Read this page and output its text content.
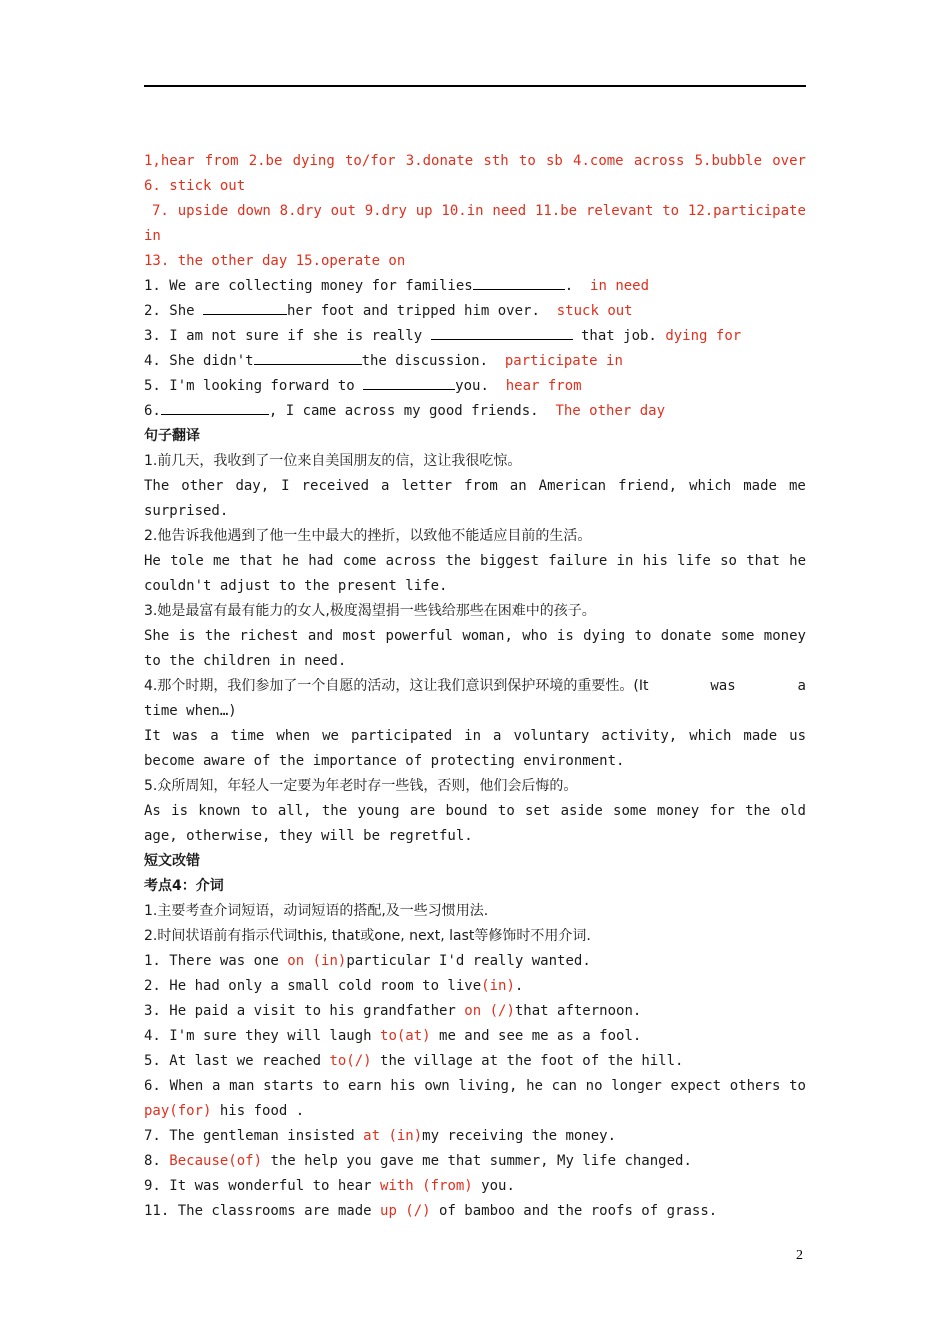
1,hear from 2.be dying to/for 3.donate sth to sb 4.come across 5.bubble over
6. stick out
7. upside down 8.dry out 9.dry up 10.in need 11.be relevant to 12.participate
in
13. the other day 15.operate on
1. We are collecting money for families	. in need
2. She	her foot and tripped him over. stuck out
3. I am not sure if she is really	that job. dying for
4. She didn't	the discussion. participate in
5. I'm looking forward to	you. hear from
6.	, I came across my good friends. The other day
句子翻译
1.前几天，我收到了一位来自美国朋友的信，这让我很吃惊。
The other day, I received a letter from an American friend, which made me
surprised.
2.他告诉我他遇到了他一生中最大的挫折，以致他不能适应目前的生活。
He tole me that he had come across the biggest failure in his life so that he
couldn't adjust to the present life.
3.她是最富有最有能力的女人,极度渴望捐一些钱给那些在困难中的孩子。
She is the richest and most powerful woman, who is dying to donate some money
to the children in need.
4.那个时期，我们参加了一个自愿的活动，这让我们意识到保护环境的重要性。(It	was	a
time when…)
It was a time when we participated in a voluntary activity, which made us
become aware of the importance of protecting environment.
5.众所周知，年轻人一定要为年老时存一些钱，否则，他们会后悔的。
As is known to all, the young are bound to set aside some money for the old
age, otherwise, they will be regretful.
短文改错
考点4：介词
1.主要考查介词短语，动词短语的搭配,及一些习惯用法.
2.时间状语前有指示代词this, that或one, next, last等修饰时不用介词.
1. There was one on (in)particular I'd really wanted.
2. He had only a small cold room to live(in).
3. He paid a visit to his grandfather on (/)that afternoon.
4. I'm sure they will laugh to(at) me and see me as a fool.
5. At last we reached to(/) the village at the foot of the hill.
6. When a man starts to earn his own living, he can no longer expect others to
pay(for) his food .
7. The gentleman insisted at (in)my receiving the money.
8. Because(of) the help you gave me that summer, My life changed.
9. It was wonderful to hear with (from) you.
11. The classrooms are made up (/) of bamboo and the roofs of grass.
2
